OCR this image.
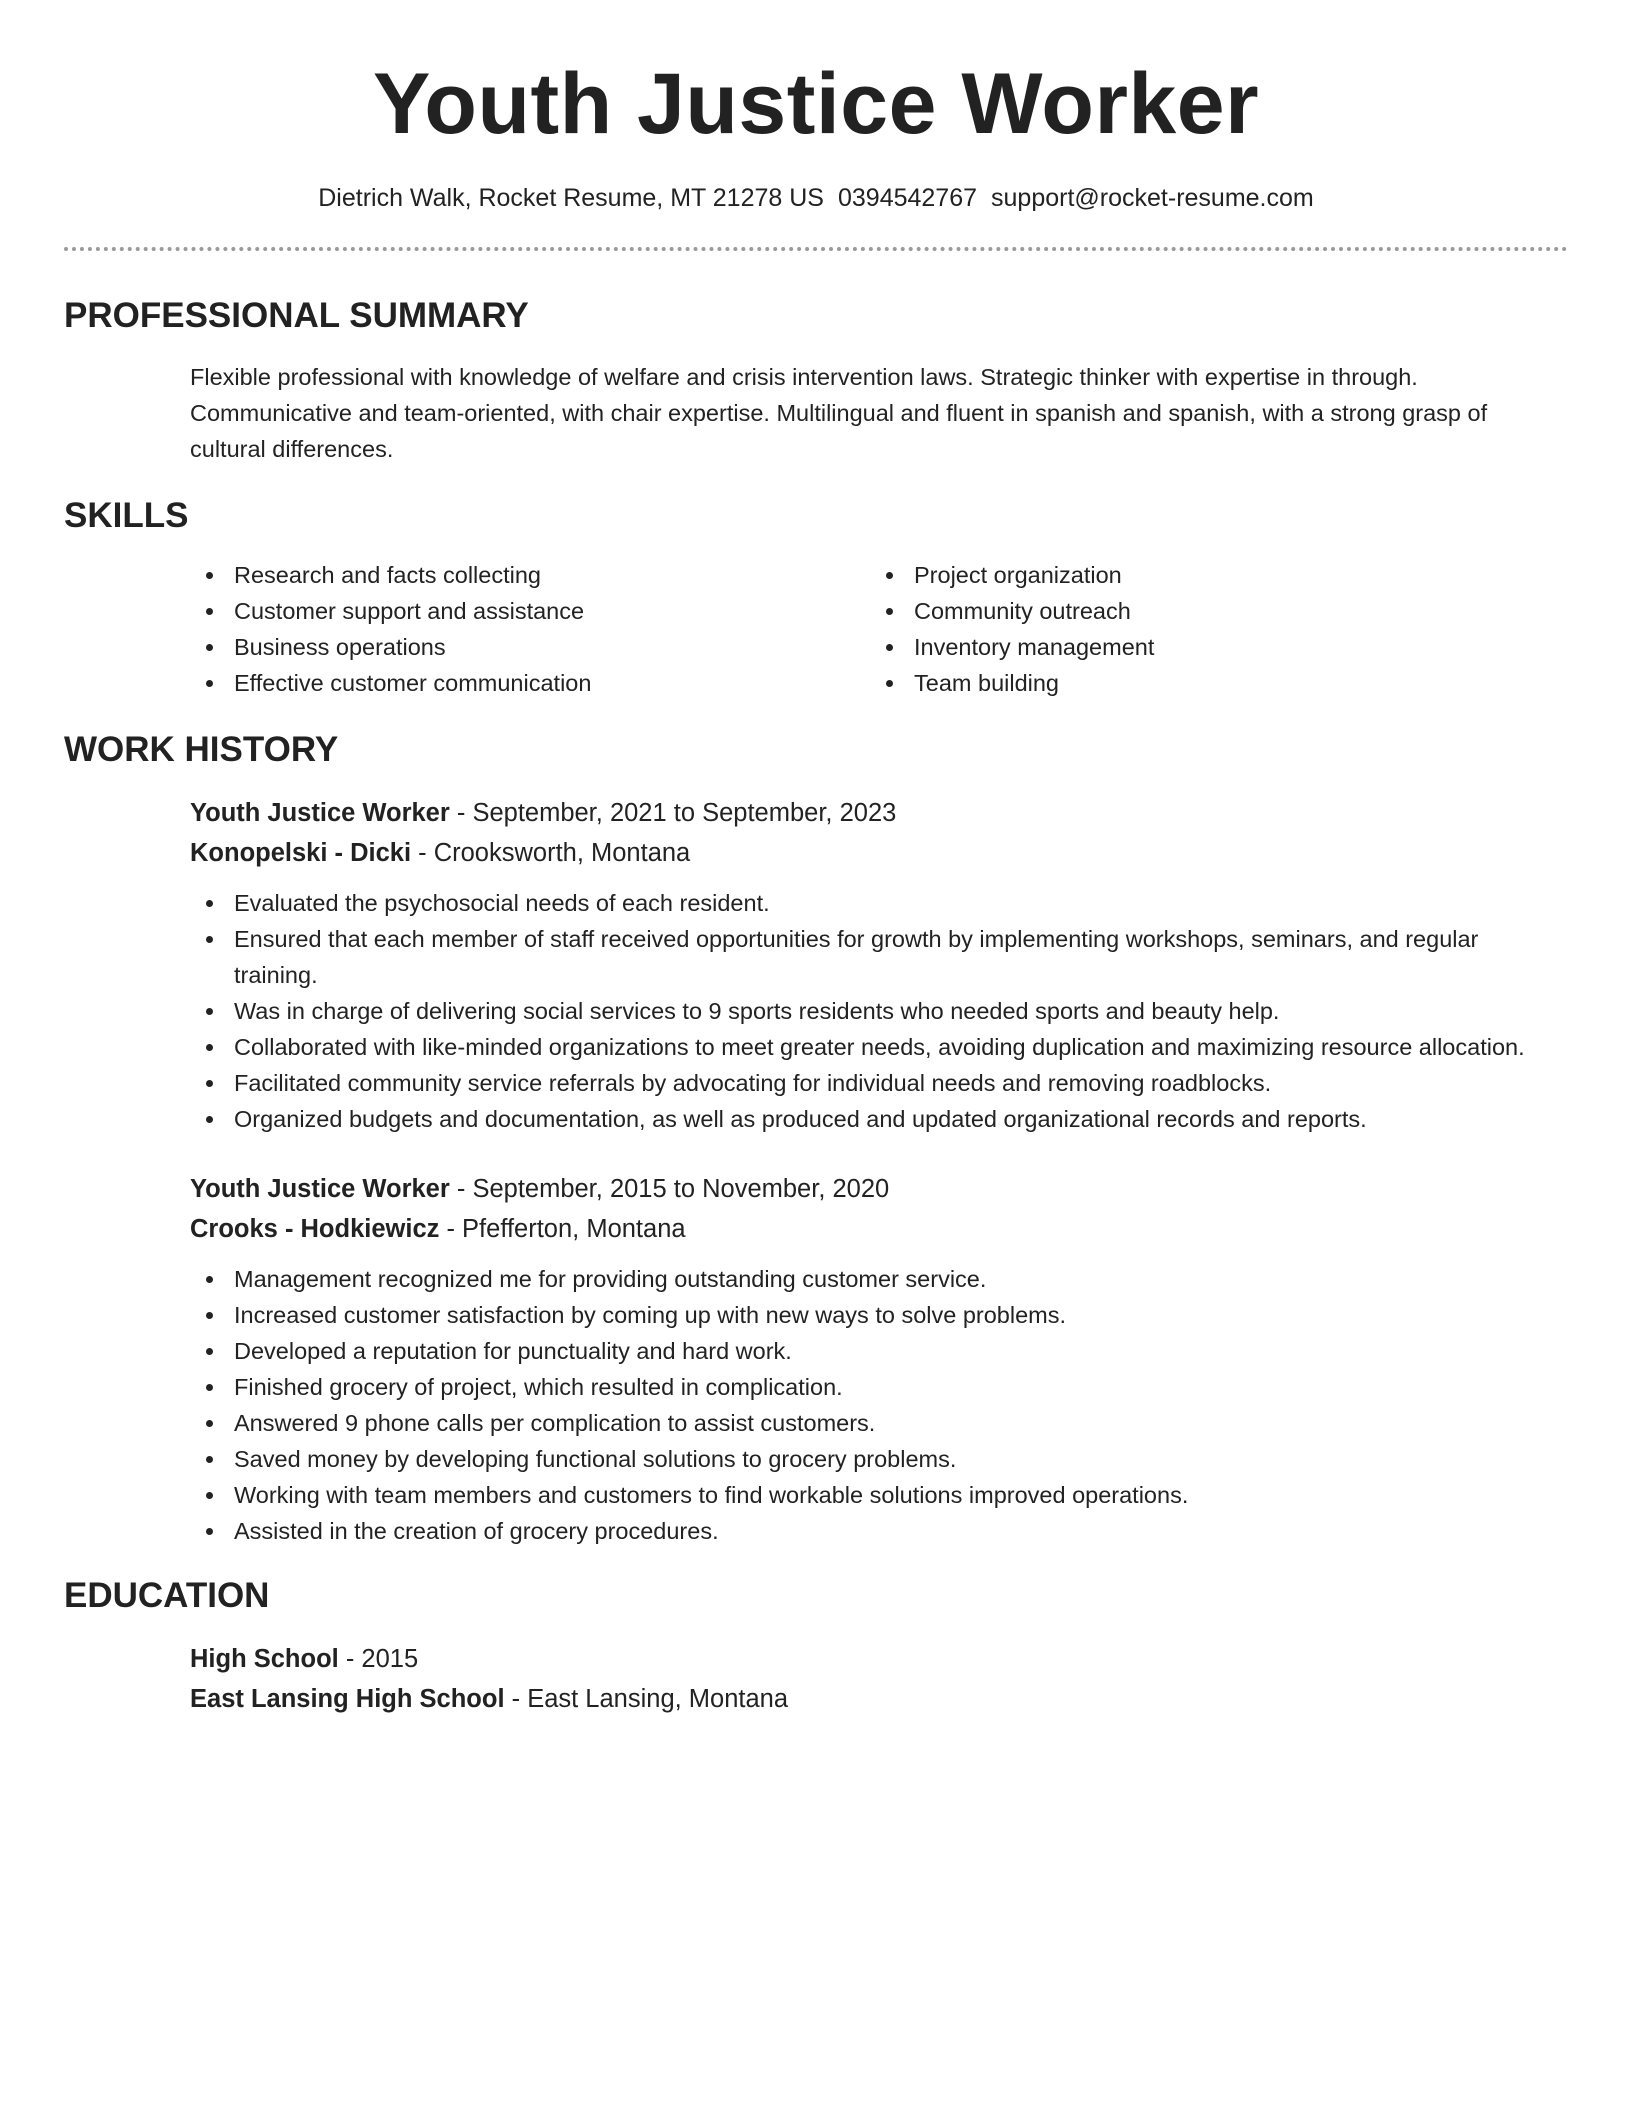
Youth Justice Worker
Dietrich Walk, Rocket Resume, MT 21278 US 0394542767 support@rocket-resume.com
PROFESSIONAL SUMMARY
Flexible professional with knowledge of welfare and crisis intervention laws. Strategic thinker with expertise in through. Communicative and team-oriented, with chair expertise. Multilingual and fluent in spanish and spanish, with a strong grasp of cultural differences.
SKILLS
Research and facts collecting
Customer support and assistance
Business operations
Effective customer communication
Project organization
Community outreach
Inventory management
Team building
WORK HISTORY
Youth Justice Worker - September, 2021 to September, 2023
Konopelski - Dicki - Crooksworth, Montana
Evaluated the psychosocial needs of each resident.
Ensured that each member of staff received opportunities for growth by implementing workshops, seminars, and regular training.
Was in charge of delivering social services to 9 sports residents who needed sports and beauty help.
Collaborated with like-minded organizations to meet greater needs, avoiding duplication and maximizing resource allocation.
Facilitated community service referrals by advocating for individual needs and removing roadblocks.
Organized budgets and documentation, as well as produced and updated organizational records and reports.
Youth Justice Worker - September, 2015 to November, 2020
Crooks - Hodkiewicz - Pfefferton, Montana
Management recognized me for providing outstanding customer service.
Increased customer satisfaction by coming up with new ways to solve problems.
Developed a reputation for punctuality and hard work.
Finished grocery of project, which resulted in complication.
Answered 9 phone calls per complication to assist customers.
Saved money by developing functional solutions to grocery problems.
Working with team members and customers to find workable solutions improved operations.
Assisted in the creation of grocery procedures.
EDUCATION
High School - 2015
East Lansing High School - East Lansing, Montana
